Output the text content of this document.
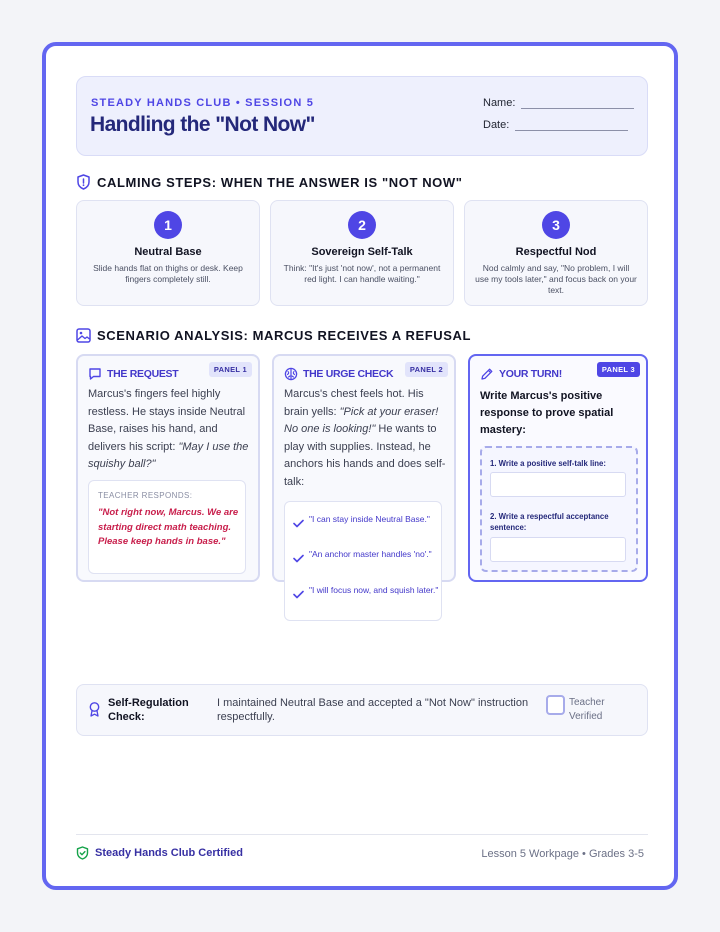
STEADY HANDS CLUB • SESSION 5
Handling the "Not Now"
Name:
Date:
CALMING STEPS: WHEN THE ANSWER IS "NOT NOW"
1
Neutral Base
Slide hands flat on thighs or desk. Keep fingers completely still.
2
Sovereign Self-Talk
Think: "It's just 'not now', not a permanent red light. I can handle waiting."
3
Respectful Nod
Nod calmly and say, "No problem, I will use my tools later," and focus back on your text.
SCENARIO ANALYSIS: MARCUS RECEIVES A REFUSAL
THE REQUEST	PANEL 1
Marcus's fingers feel highly restless. He stays inside Neutral Base, raises his hand, and delivers his script: "May I use the squishy ball?"
TEACHER RESPONDS:
"Not right now, Marcus. We are starting direct math teaching. Please keep hands in base."
THE URGE CHECK	PANEL 2
Marcus's chest feels hot. His brain yells: "Pick at your eraser! No one is looking!" He wants to play with supplies. Instead, he anchors his hands and does self-talk:
"I can stay inside Neutral Base."
"An anchor master handles 'no'."
"I will focus now, and squish later."
YOUR TURN!	PANEL 3
Write Marcus's positive response to prove spatial mastery:
1. Write a positive self-talk line:
2. Write a respectful acceptance sentence:
Self-Regulation Check:
I maintained Neutral Base and accepted a "Not Now" instruction respectfully.
Teacher Verified
Steady Hands Club Certified	Lesson 5 Workpage • Grades 3-5
